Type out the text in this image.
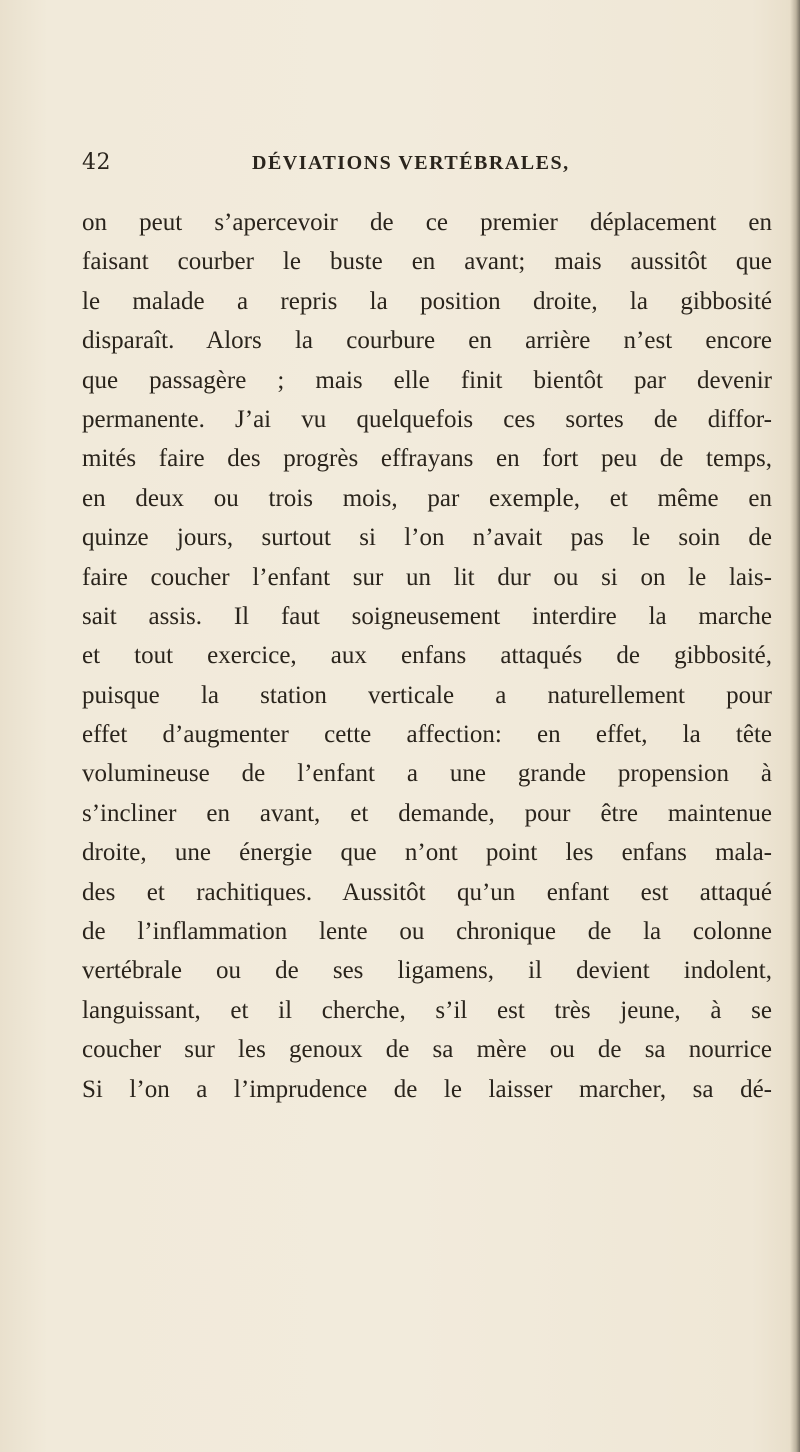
42	DÉVIATIONS VERTÉBRALES,
on peut s’apercevoir de ce premier déplacement en
faisant courber le buste en avant; mais aussitôt que
le malade a repris la position droite, la gibbosité
disparaît. Alors la courbure en arrière n’est encore
que passagère ; mais elle finit bientôt par devenir
permanente. J’ai vu quelquefois ces sortes de diffor-
mités faire des progrès effrayans en fort peu de temps,
en deux ou trois mois, par exemple, et même en
quinze jours, surtout si l’on n’avait pas le soin de
faire coucher l’enfant sur un lit dur ou si on le lais-
sait assis. Il faut soigneusement interdire la marche
et tout exercice, aux enfans attaqués de gibbosité,
puisque la station verticale a naturellement pour
effet d’augmenter cette affection: en effet, la tête
volumineuse de l’enfant a une grande propension à
s’incliner en avant, et demande, pour être maintenue
droite, une énergie que n’ont point les enfans mala-
des et rachitiques. Aussitôt qu’un enfant est attaqué
de l’inflammation lente ou chronique de la colonne
vertébrale ou de ses ligamens, il devient indolent,
languissant, et il cherche, s’il est très jeune, à se
coucher sur les genoux de sa mère ou de sa nourrice
Si l’on a l’imprudence de le laisser marcher, sa dé-
